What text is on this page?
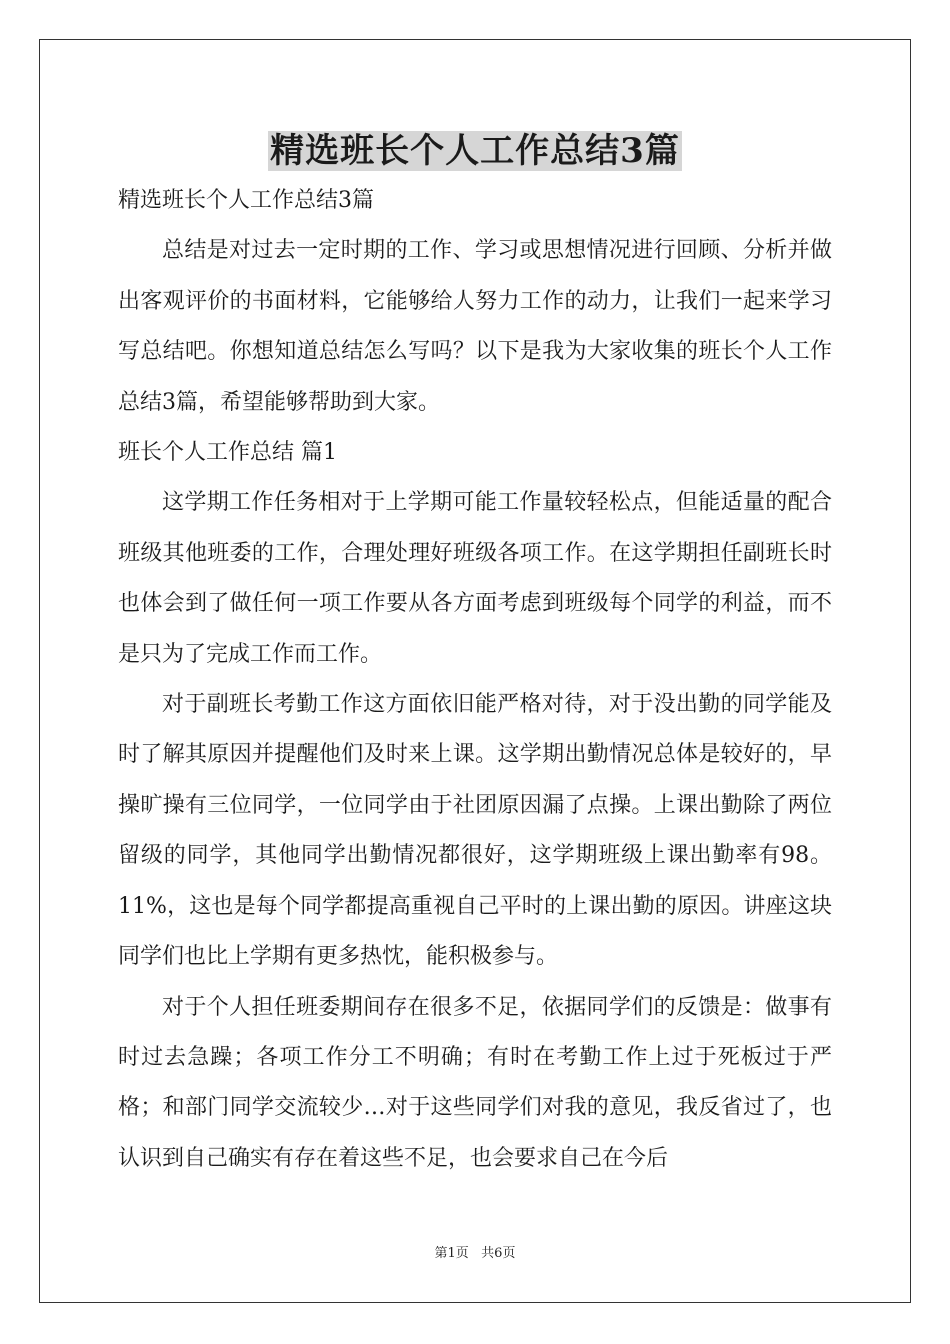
精选班长个人工作总结3篇

精选班长个人工作总结3篇

总结是对过去一定时期的工作、学习或思想情况进行回顾、分析并做出客观评价的书面材料，它能够给人努力工作的动力，让我们一起来学习写总结吧。你想知道总结怎么写吗？以下是我为大家收集的班长个人工作总结3篇，希望能够帮助到大家。

班长个人工作总结 篇1

这学期工作任务相对于上学期可能工作量较轻松点，但能适量的配合班级其他班委的工作，合理处理好班级各项工作。在这学期担任副班长时也体会到了做任何一项工作要从各方面考虑到班级每个同学的利益，而不是只为了完成工作而工作。

对于副班长考勤工作这方面依旧能严格对待，对于没出勤的同学能及时了解其原因并提醒他们及时来上课。这学期出勤情况总体是较好的，早操旷操有三位同学，一位同学由于社团原因漏了点操。上课出勤除了两位留级的同学，其他同学出勤情况都很好，这学期班级上课出勤率有98。11%，这也是每个同学都提高重视自己平时的上课出勤的原因。讲座这块同学们也比上学期有更多热忱，能积极参与。

对于个人担任班委期间存在很多不足，依据同学们的反馈是：做事有时过去急躁；各项工作分工不明确；有时在考勤工作上过于死板过于严格；和部门同学交流较少…对于这些同学们对我的意见，我反省过了，也认识到自己确实有存在着这些不足，也会要求自己在今后

第1页   共6页
